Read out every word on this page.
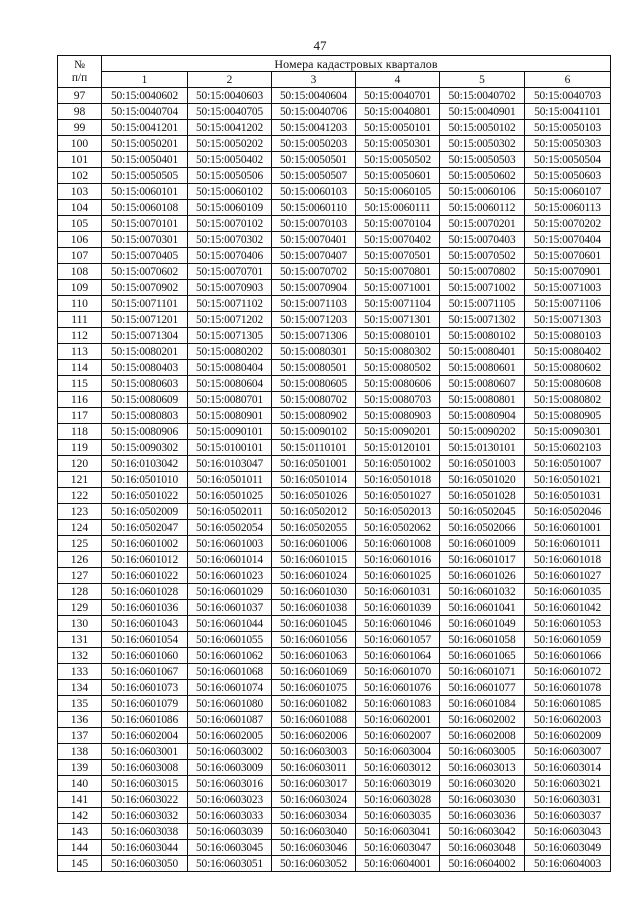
47
№
п/п	Номера кадастровых кварталов					
	1	2	3	4	5	6
97	50:15:0040602	50:15:0040603	50:15:0040604	50:15:0040701	50:15:0040702	50:15:0040703
98	50:15:0040704	50:15:0040705	50:15:0040706	50:15:0040801	50:15:0040901	50:15:0041101
99	50:15:0041201	50:15:0041202	50:15:0041203	50:15:0050101	50:15:0050102	50:15:0050103
100	50:15:0050201	50:15:0050202	50:15:0050203	50:15:0050301	50:15:0050302	50:15:0050303
101	50:15:0050401	50:15:0050402	50:15:0050501	50:15:0050502	50:15:0050503	50:15:0050504
102	50:15:0050505	50:15:0050506	50:15:0050507	50:15:0050601	50:15:0050602	50:15:0050603
103	50:15:0060101	50:15:0060102	50:15:0060103	50:15:0060105	50:15:0060106	50:15:0060107
104	50:15:0060108	50:15:0060109	50:15:0060110	50:15:0060111	50:15:0060112	50:15:0060113
105	50:15:0070101	50:15:0070102	50:15:0070103	50:15:0070104	50:15:0070201	50:15:0070202
106	50:15:0070301	50:15:0070302	50:15:0070401	50:15:0070402	50:15:0070403	50:15:0070404
107	50:15:0070405	50:15:0070406	50:15:0070407	50:15:0070501	50:15:0070502	50:15:0070601
108	50:15:0070602	50:15:0070701	50:15:0070702	50:15:0070801	50:15:0070802	50:15:0070901
109	50:15:0070902	50:15:0070903	50:15:0070904	50:15:0071001	50:15:0071002	50:15:0071003
110	50:15:0071101	50:15:0071102	50:15:0071103	50:15:0071104	50:15:0071105	50:15:0071106
111	50:15:0071201	50:15:0071202	50:15:0071203	50:15:0071301	50:15:0071302	50:15:0071303
112	50:15:0071304	50:15:0071305	50:15:0071306	50:15:0080101	50:15:0080102	50:15:0080103
113	50:15:0080201	50:15:0080202	50:15:0080301	50:15:0080302	50:15:0080401	50:15:0080402
114	50:15:0080403	50:15:0080404	50:15:0080501	50:15:0080502	50:15:0080601	50:15:0080602
115	50:15:0080603	50:15:0080604	50:15:0080605	50:15:0080606	50:15:0080607	50:15:0080608
116	50:15:0080609	50:15:0080701	50:15:0080702	50:15:0080703	50:15:0080801	50:15:0080802
117	50:15:0080803	50:15:0080901	50:15:0080902	50:15:0080903	50:15:0080904	50:15:0080905
118	50:15:0080906	50:15:0090101	50:15:0090102	50:15:0090201	50:15:0090202	50:15:0090301
119	50:15:0090302	50:15:0100101	50:15:0110101	50:15:0120101	50:15:0130101	50:15:0602103
120	50:16:0103042	50:16:0103047	50:16:0501001	50:16:0501002	50:16:0501003	50:16:0501007
121	50:16:0501010	50:16:0501011	50:16:0501014	50:16:0501018	50:16:0501020	50:16:0501021
122	50:16:0501022	50:16:0501025	50:16:0501026	50:16:0501027	50:16:0501028	50:16:0501031
123	50:16:0502009	50:16:0502011	50:16:0502012	50:16:0502013	50:16:0502045	50:16:0502046
124	50:16:0502047	50:16:0502054	50:16:0502055	50:16:0502062	50:16:0502066	50:16:0601001
125	50:16:0601002	50:16:0601003	50:16:0601006	50:16:0601008	50:16:0601009	50:16:0601011
126	50:16:0601012	50:16:0601014	50:16:0601015	50:16:0601016	50:16:0601017	50:16:0601018
127	50:16:0601022	50:16:0601023	50:16:0601024	50:16:0601025	50:16:0601026	50:16:0601027
128	50:16:0601028	50:16:0601029	50:16:0601030	50:16:0601031	50:16:0601032	50:16:0601035
129	50:16:0601036	50:16:0601037	50:16:0601038	50:16:0601039	50:16:0601041	50:16:0601042
130	50:16:0601043	50:16:0601044	50:16:0601045	50:16:0601046	50:16:0601049	50:16:0601053
131	50:16:0601054	50:16:0601055	50:16:0601056	50:16:0601057	50:16:0601058	50:16:0601059
132	50:16:0601060	50:16:0601062	50:16:0601063	50:16:0601064	50:16:0601065	50:16:0601066
133	50:16:0601067	50:16:0601068	50:16:0601069	50:16:0601070	50:16:0601071	50:16:0601072
134	50:16:0601073	50:16:0601074	50:16:0601075	50:16:0601076	50:16:0601077	50:16:0601078
135	50:16:0601079	50:16:0601080	50:16:0601082	50:16:0601083	50:16:0601084	50:16:0601085
136	50:16:0601086	50:16:0601087	50:16:0601088	50:16:0602001	50:16:0602002	50:16:0602003
137	50:16:0602004	50:16:0602005	50:16:0602006	50:16:0602007	50:16:0602008	50:16:0602009
138	50:16:0603001	50:16:0603002	50:16:0603003	50:16:0603004	50:16:0603005	50:16:0603007
139	50:16:0603008	50:16:0603009	50:16:0603011	50:16:0603012	50:16:0603013	50:16:0603014
140	50:16:0603015	50:16:0603016	50:16:0603017	50:16:0603019	50:16:0603020	50:16:0603021
141	50:16:0603022	50:16:0603023	50:16:0603024	50:16:0603028	50:16:0603030	50:16:0603031
142	50:16:0603032	50:16:0603033	50:16:0603034	50:16:0603035	50:16:0603036	50:16:0603037
143	50:16:0603038	50:16:0603039	50:16:0603040	50:16:0603041	50:16:0603042	50:16:0603043
144	50:16:0603044	50:16:0603045	50:16:0603046	50:16:0603047	50:16:0603048	50:16:0603049
145	50:16:0603050	50:16:0603051	50:16:0603052	50:16:0604001	50:16:0604002	50:16:0604003
